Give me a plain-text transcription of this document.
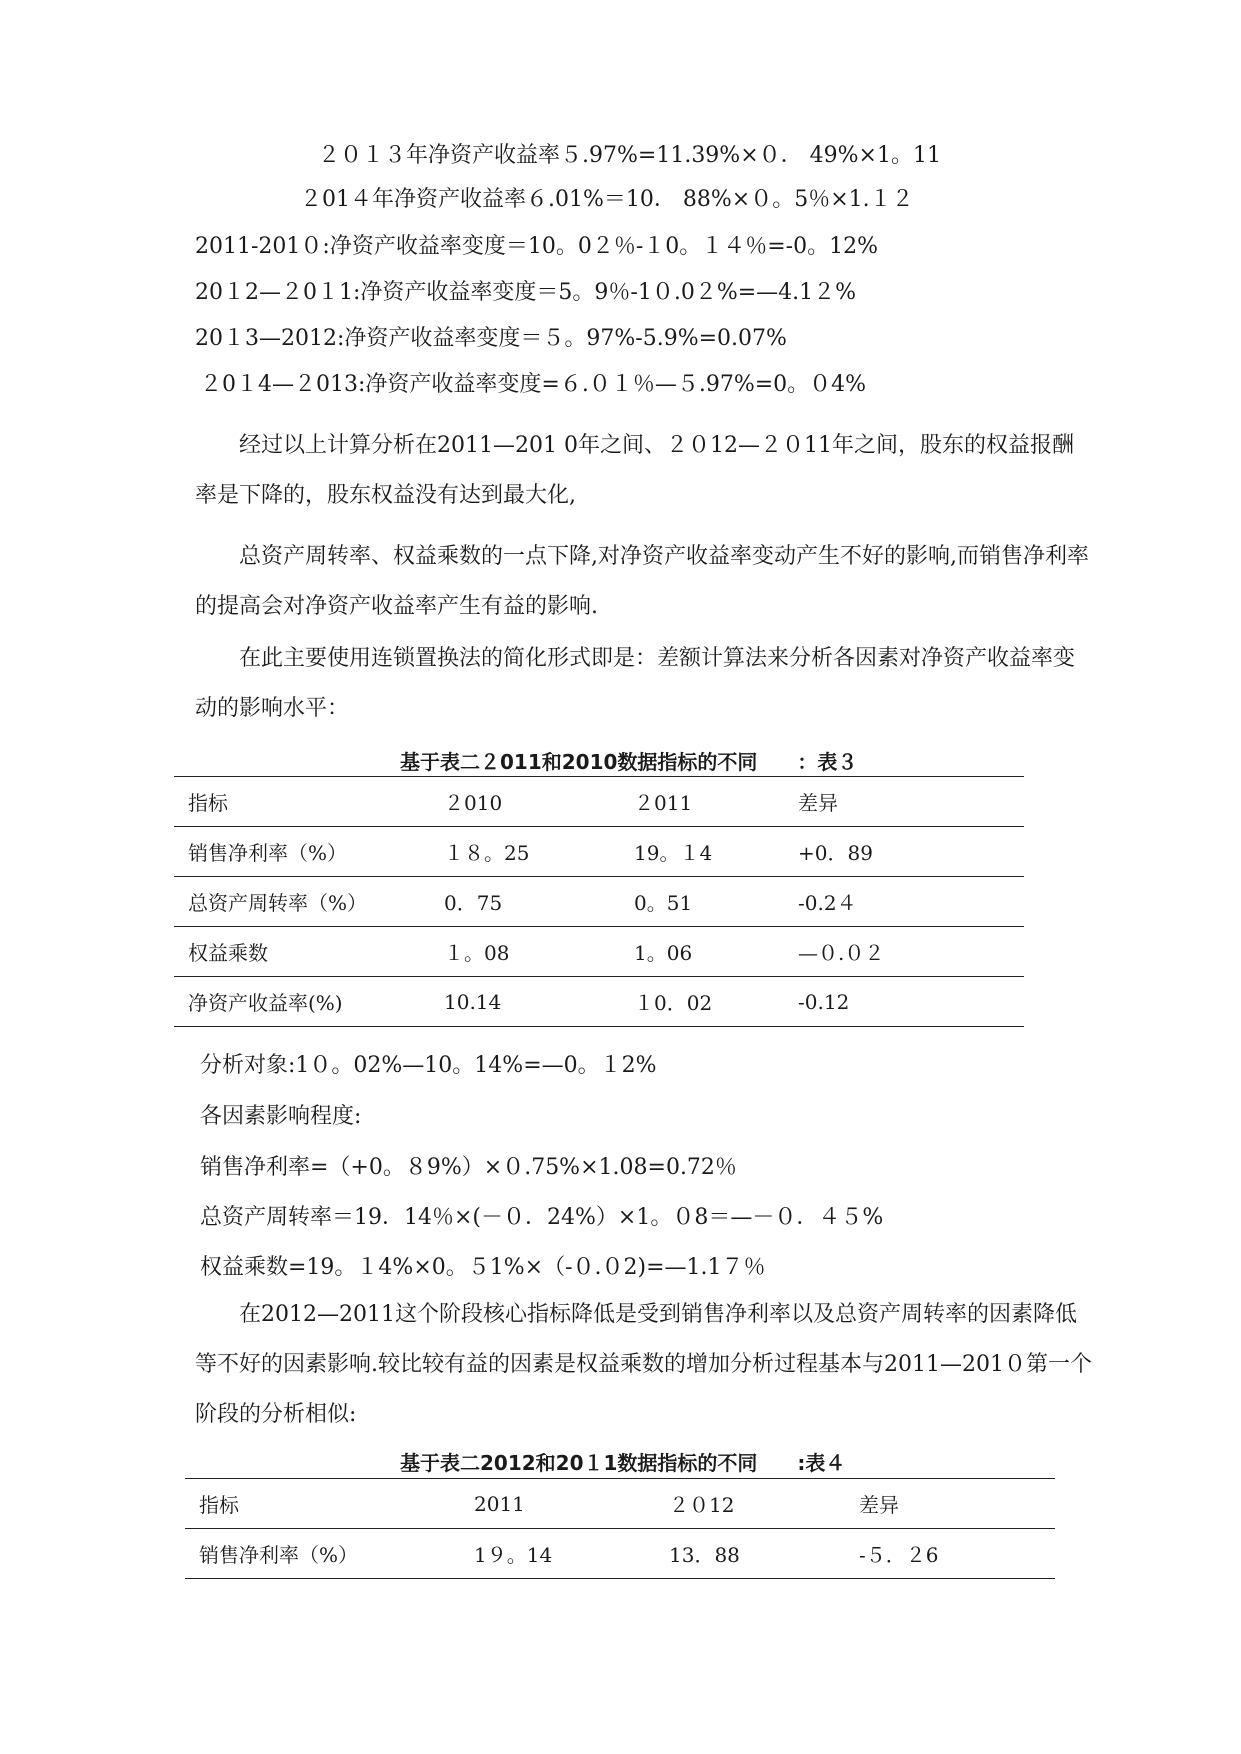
２０１３年净资产收益率５.97%=11.39%×０． 49%×1。11
２01４年净资产收益率６.01%＝10． 88%×０。5％×1.１２
2011-201０:净资产收益率变度＝10。0２％-１0。１４％=-0。12%
20１2—２0１1:净资产收益率变度＝5。9％-1０.0２%=—4.1２%
20１3—2012:净资产收益率变度＝５。97%-5.9%=0.07%
２0１4—２013:净资产收益率变度=６.０１％—５.97%=0。０4%
经过以上计算分析在2011—201 0年之间、２０12—２０11年之间，股东的权益报酬率是下降的，股东权益没有达到最大化,
总资产周转率、权益乘数的一点下降,对净资产收益率变动产生不好的影响,而销售净利率的提高会对净资产收益率产生有益的影响.
在此主要使用连锁置换法的简化形式即是：差额计算法来分析各因素对净资产收益率变动的影响水平：
基于表二２011和2010数据指标的不同　　：表３
指标	２010	２011	差异
销售净利率（%）	１８。25	19。１4	+0．89
总资产周转率（%）	0．75	0。51	-0.2４
权益乘数	１。08	1。06	—０.０２
净资产收益率(%)	10.14	１0．02	-0.12
分析对象:1０。02%—10。14%=—0。１2%
各因素影响程度:
销售净利率=（+0。８9%）×０.75%×1.08=0.72％
总资产周转率＝19．14％×(－０．24%）×1。０8＝—－０．４５%
权益乘数=19。１4%×0。５1%×（-０.０2)=—1.1７％
在2012—2011这个阶段核心指标降低是受到销售净利率以及总资产周转率的因素降低等不好的因素影响.较比较有益的因素是权益乘数的增加分析过程基本与2011—201０第一个阶段的分析相似:
基于表二2012和20１1数据指标的不同　　:表４
指标	2011	２０12	差异
销售净利率（%）	1９。14	13．88	-５．２6
